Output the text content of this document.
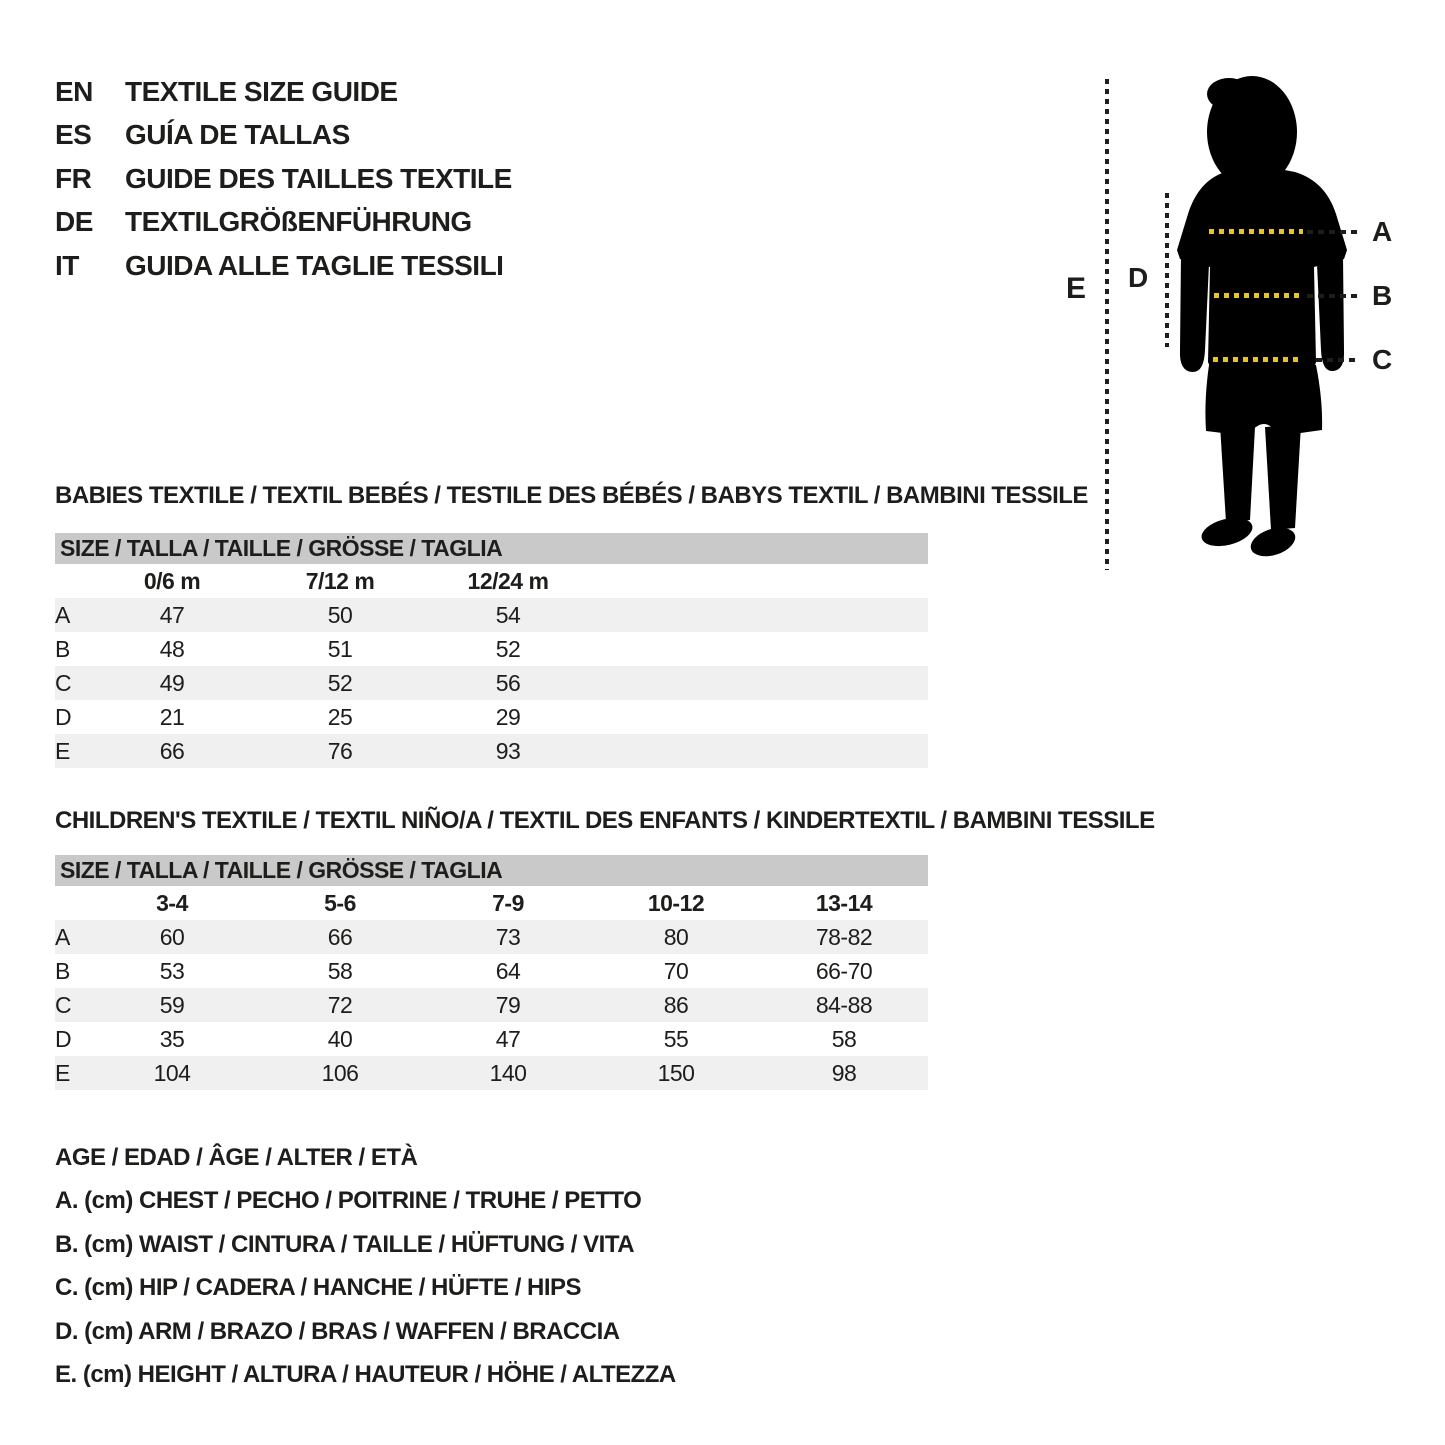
EN	TEXTILE SIZE GUIDE
ES	GUÍA DE TALLAS
FR	GUIDE DES TAILLES TEXTILE
DE	TEXTILGRÖßENFÜHRUNG
IT	GUIDA ALLE TAGLIE TESSILI
E D
A
B
C
BABIES TEXTILE / TEXTIL BEBÉS / TESTILE DES BÉBÉS / BABYS TEXTIL / BAMBINI TESSILE
SIZE / TALLA / TAILLE / GRÖSSE / TAGLIA				
	0/6 m	7/12 m	12/24 m	
A	47	50	54	
B	48	51	52	
C	49	52	56	
D	21	25	29	
E	66	76	93	
CHILDREN'S TEXTILE / TEXTIL NIÑO/A / TEXTIL DES ENFANTS / KINDERTEXTIL / BAMBINI TESSILE
SIZE / TALLA / TAILLE / GRÖSSE / TAGLIA					
	3-4	5-6	7-9	10-12	13-14
A	60	66	73	80	78-82
B	53	58	64	70	66-70
C	59	72	79	86	84-88
D	35	40	47	55	58
E	104	106	140	150	98
AGE / EDAD / ÂGE / ALTER / ETÀ
A. (cm) CHEST / PECHO / POITRINE / TRUHE / PETTO
B. (cm) WAIST / CINTURA / TAILLE / HÜFTUNG / VITA
C. (cm) HIP / CADERA / HANCHE / HÜFTE / HIPS
D. (cm) ARM / BRAZO / BRAS / WAFFEN / BRACCIA
E. (cm) HEIGHT / ALTURA / HAUTEUR / HÖHE / ALTEZZA
